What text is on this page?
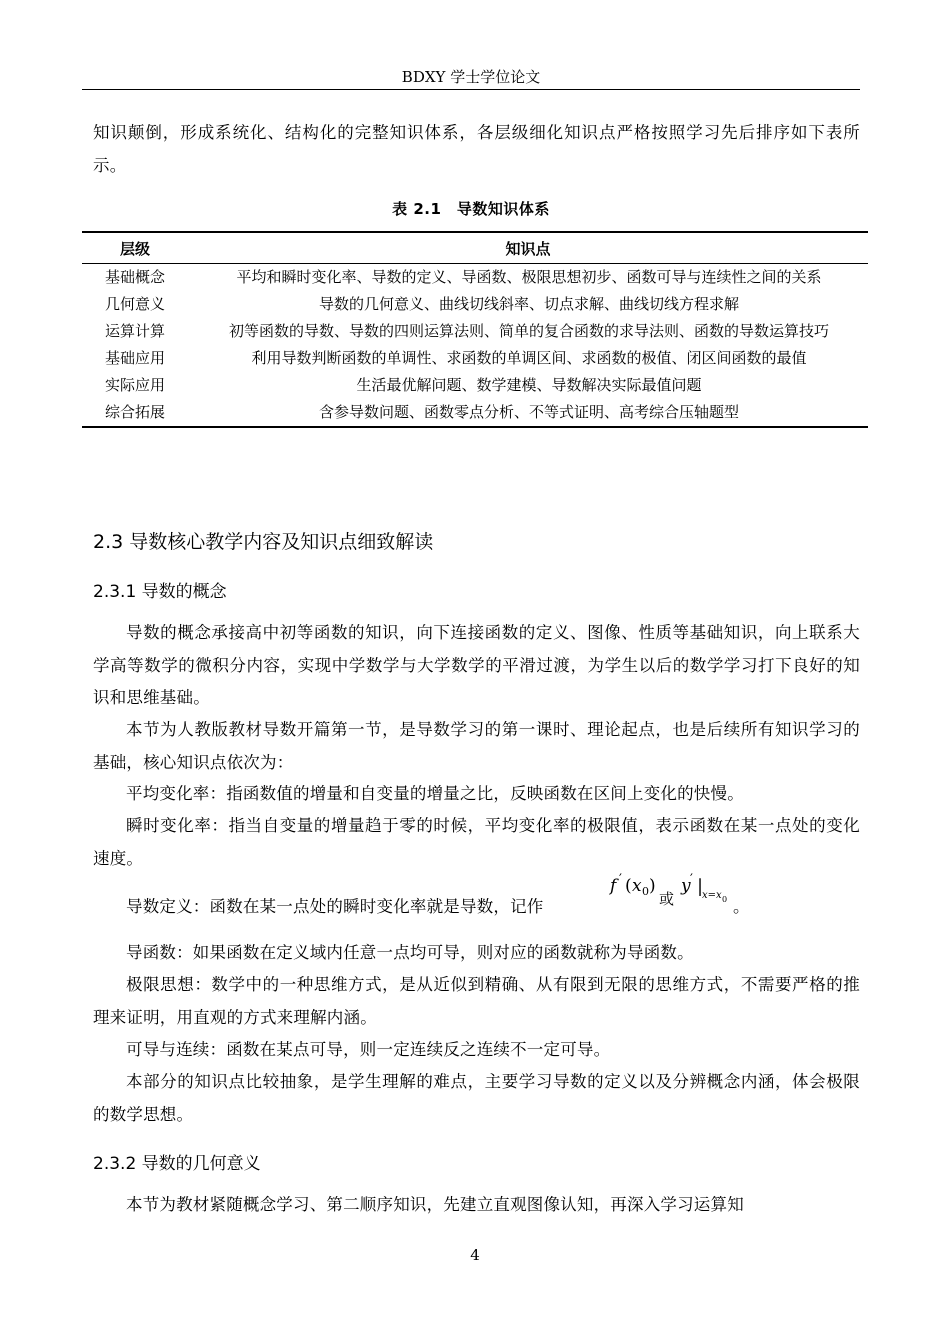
BDXY 学士学位论文
知识颠倒，形成系统化、结构化的完整知识体系，各层级细化知识点严格按照学习先后排序如下表所示。
表 2.1　导数知识体系
层级	知识点
基础概念	平均和瞬时变化率、导数的定义、导函数、极限思想初步、函数可导与连续性之间的关系
几何意义	导数的几何意义、曲线切线斜率、切点求解、曲线切线方程求解
运算计算	初等函数的导数、导数的四则运算法则、简单的复合函数的求导法则、函数的导数运算技巧
基础应用	利用导数判断函数的单调性、求函数的单调区间、求函数的极值、闭区间函数的最值
实际应用	生活最优解问题、数学建模、导数解决实际最值问题
综合拓展	含参导数问题、函数零点分析、不等式证明、高考综合压轴题型
2.3 导数核心教学内容及知识点细致解读
2.3.1 导数的概念
导数的概念承接高中初等函数的知识，向下连接函数的定义、图像、性质等基础知识，向上联系大学高等数学的微积分内容，实现中学数学与大学数学的平滑过渡，为学生以后的数学学习打下良好的知识和思维基础。
本节为人教版教材导数开篇第一节，是导数学习的第一课时、理论起点，也是后续所有知识学习的基础，核心知识点依次为：
平均变化率：指函数值的增量和自变量的增量之比，反映函数在区间上变化的快慢。
瞬时变化率：指当自变量的增量趋于零的时候，平均变化率的极限值，表示函数在某一点处的变化速度。
导数定义：函数在某一点处的瞬时变化率就是导数，记作
f ′ ( x 0 )
或
y ′ |
x=x 0 。
导函数：如果函数在定义域内任意一点均可导，则对应的函数就称为导函数。
极限思想：数学中的一种思维方式，是从近似到精确、从有限到无限的思维方式，不需要严格的推理来证明，用直观的方式来理解内涵。
可导与连续：函数在某点可导，则一定连续反之连续不一定可导。
本部分的知识点比较抽象，是学生理解的难点，主要学习导数的定义以及分辨概念内涵，体会极限的数学思想。
2.3.2 导数的几何意义
本节为教材紧随概念学习、第二顺序知识，先建立直观图像认知，再深入学习运算知
4
